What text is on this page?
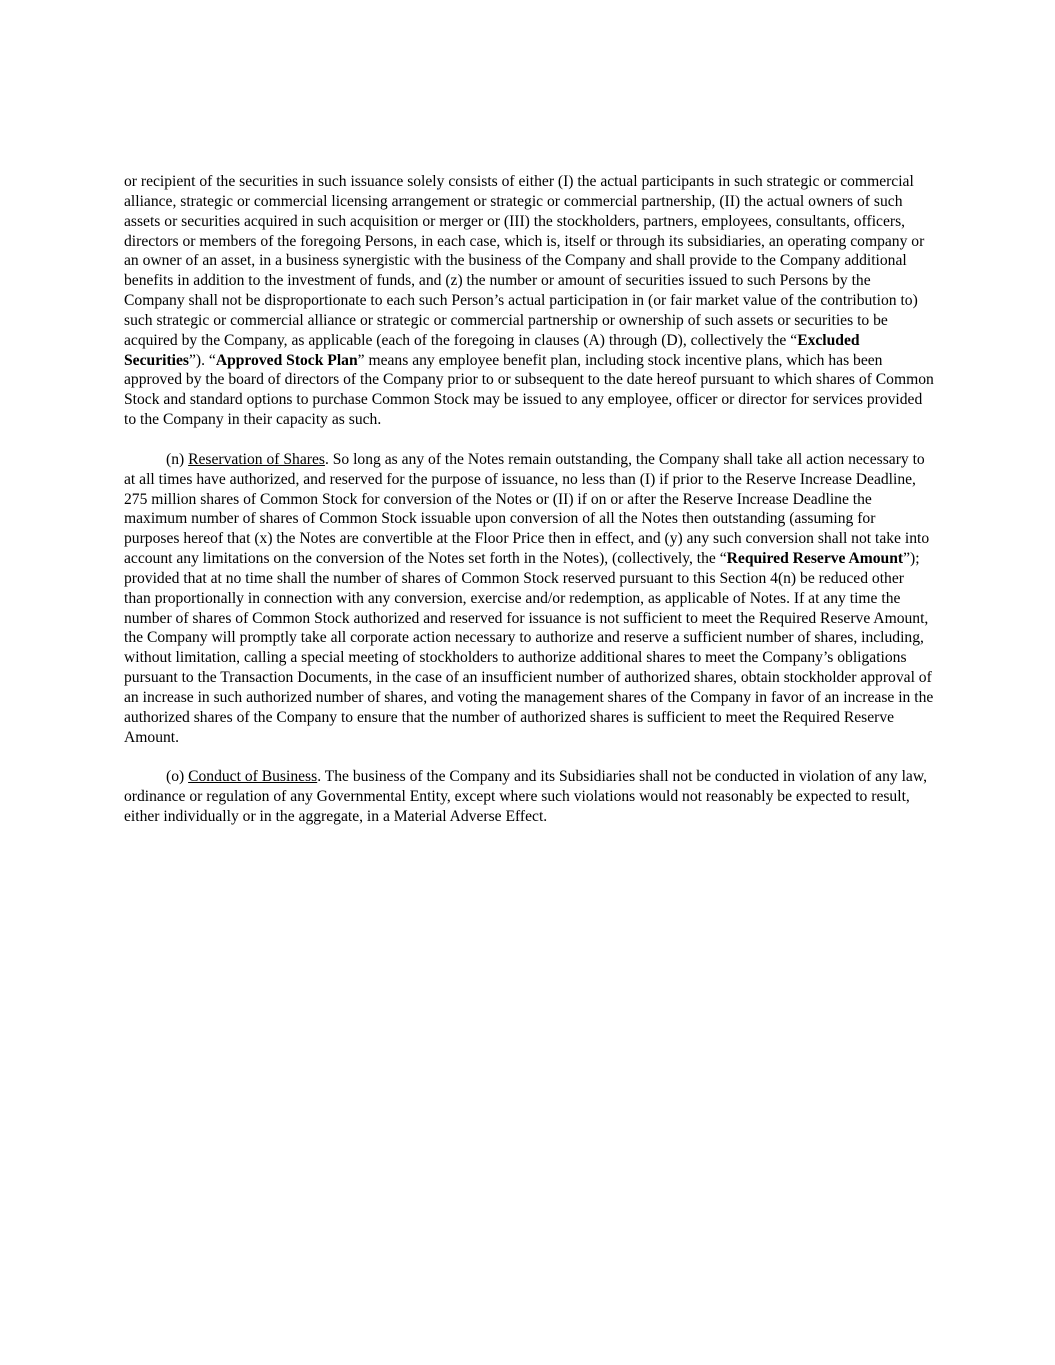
or recipient of the securities in such issuance solely consists of either (I) the actual participants in such strategic or commercial alliance, strategic or commercial licensing arrangement or strategic or commercial partnership, (II) the actual owners of such assets or securities acquired in such acquisition or merger or (III) the stockholders, partners, employees, consultants, officers, directors or members of the foregoing Persons, in each case, which is, itself or through its subsidiaries, an operating company or an owner of an asset, in a business synergistic with the business of the Company and shall provide to the Company additional benefits in addition to the investment of funds, and (z) the number or amount of securities issued to such Persons by the Company shall not be disproportionate to each such Person’s actual participation in (or fair market value of the contribution to) such strategic or commercial alliance or strategic or commercial partnership or ownership of such assets or securities to be acquired by the Company, as applicable (each of the foregoing in clauses (A) through (D), collectively the “Excluded Securities”). “Approved Stock Plan” means any employee benefit plan, including stock incentive plans, which has been approved by the board of directors of the Company prior to or subsequent to the date hereof pursuant to which shares of Common Stock and standard options to purchase Common Stock may be issued to any employee, officer or director for services provided to the Company in their capacity as such.

(n) Reservation of Shares. So long as any of the Notes remain outstanding, the Company shall take all action necessary to at all times have authorized, and reserved for the purpose of issuance, no less than (I) if prior to the Reserve Increase Deadline, 275 million shares of Common Stock for conversion of the Notes or (II) if on or after the Reserve Increase Deadline the maximum number of shares of Common Stock issuable upon conversion of all the Notes then outstanding (assuming for purposes hereof that (x) the Notes are convertible at the Floor Price then in effect, and (y) any such conversion shall not take into account any limitations on the conversion of the Notes set forth in the Notes), (collectively, the “Required Reserve Amount”); provided that at no time shall the number of shares of Common Stock reserved pursuant to this Section 4(n) be reduced other than proportionally in connection with any conversion, exercise and/or redemption, as applicable of Notes. If at any time the number of shares of Common Stock authorized and reserved for issuance is not sufficient to meet the Required Reserve Amount, the Company will promptly take all corporate action necessary to authorize and reserve a sufficient number of shares, including, without limitation, calling a special meeting of stockholders to authorize additional shares to meet the Company’s obligations pursuant to the Transaction Documents, in the case of an insufficient number of authorized shares, obtain stockholder approval of an increase in such authorized number of shares, and voting the management shares of the Company in favor of an increase in the authorized shares of the Company to ensure that the number of authorized shares is sufficient to meet the Required Reserve Amount.

(o) Conduct of Business. The business of the Company and its Subsidiaries shall not be conducted in violation of any law, ordinance or regulation of any Governmental Entity, except where such violations would not reasonably be expected to result, either individually or in the aggregate, in a Material Adverse Effect.
